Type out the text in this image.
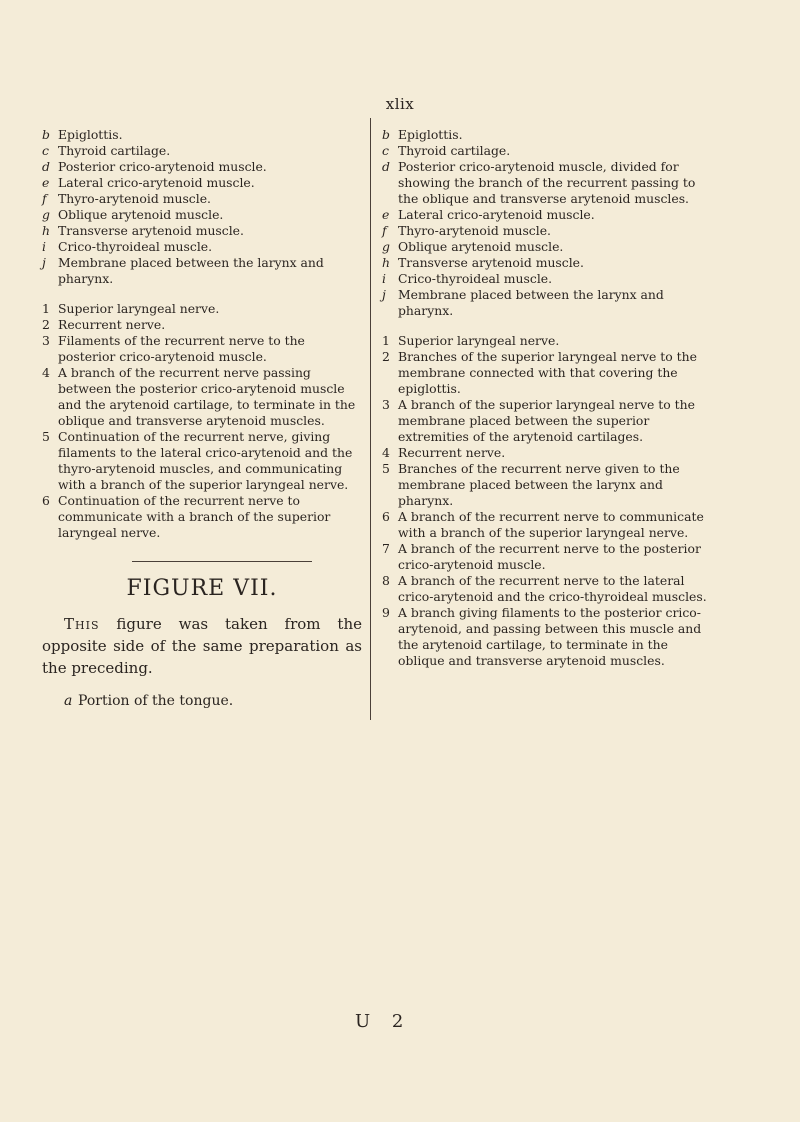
xlix

b Epiglottis.

c Thyroid cartilage.

d Posterior crico-arytenoid muscle.

e Lateral crico-arytenoid muscle.

f Thyro-arytenoid muscle.

g Oblique arytenoid muscle.

h Transverse arytenoid muscle.

i Crico-thyroideal muscle.

j Membrane placed between the larynx and pharynx.

1 Superior laryngeal nerve.

2 Recurrent nerve.

3 Filaments of the recurrent nerve to the posterior crico-arytenoid muscle.

4 A branch of the recurrent nerve passing between the posterior crico-arytenoid muscle and the arytenoid cartilage, to terminate in the oblique and transverse arytenoid muscles.

5 Continuation of the recurrent nerve, giving filaments to the lateral crico-arytenoid and the thyro-arytenoid muscles, and communicating with a branch of the superior laryngeal nerve.

6 Continuation of the recurrent nerve to communicate with a branch of the superior laryngeal nerve.

FIGURE VII.

This figure was taken from the opposite side of the same preparation as the preceding.

a Portion of the tongue.

b Epiglottis.

c Thyroid cartilage.

d Posterior crico-arytenoid muscle, divided for showing the branch of the recurrent passing to the oblique and transverse arytenoid muscles.

e Lateral crico-arytenoid muscle.

f Thyro-arytenoid muscle.

g Oblique arytenoid muscle.

h Transverse arytenoid muscle.

i Crico-thyroideal muscle.

j Membrane placed between the larynx and pharynx.

1 Superior laryngeal nerve.

2 Branches of the superior laryngeal nerve to the membrane connected with that covering the epiglottis.

3 A branch of the superior laryngeal nerve to the membrane placed between the superior extremities of the arytenoid cartilages.

4 Recurrent nerve.

5 Branches of the recurrent nerve given to the membrane placed between the larynx and pharynx.

6 A branch of the recurrent nerve to communicate with a branch of the superior laryngeal nerve.

7 A branch of the recurrent nerve to the posterior crico-arytenoid muscle.

8 A branch of the recurrent nerve to the lateral crico-arytenoid and the crico-thyroideal muscles.

9 A branch giving filaments to the posterior crico-arytenoid, and passing between this muscle and the arytenoid cartilage, to terminate in the oblique and transverse arytenoid muscles.

U 2
